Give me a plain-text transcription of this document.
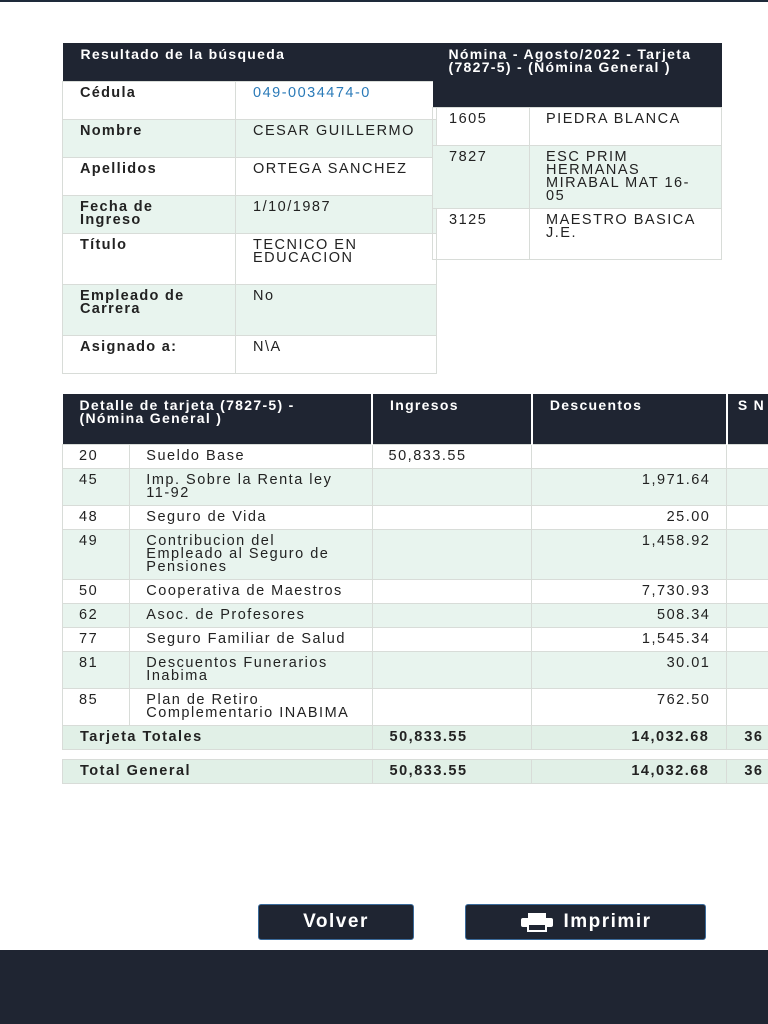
Resultado de la búsqueda	
Cédula	049-0034474-0
Nombre	CESAR GUILLERMO
Apellidos	ORTEGA SANCHEZ
Fecha de Ingreso	1/10/1987
Título	TECNICO EN EDUCACION
Empleado de Carrera	No
Asignado a:	N\A
Nómina - Agosto/2022 - Tarjeta (7827-5) - (Nómina General )	
1605	PIEDRA BLANCA
7827	ESC PRIM HERMANAS MIRABAL MAT 16-05
3125	MAESTRO BASICA J.E.
Detalle de tarjeta (7827-5) - (Nómina General )		Ingresos	Descuentos	S N
20	Sueldo Base	50,833.55		
45	Imp. Sobre la Renta ley 11-92		1,971.64	
48	Seguro de Vida		25.00	
49	Contribucion del Empleado al Seguro de Pensiones		1,458.92	
50	Cooperativa de Maestros		7,730.93	
62	Asoc. de Profesores		508.34	
77	Seguro Familiar de Salud		1,545.34	
81	Descuentos Funerarios Inabima		30.01	
85	Plan de Retiro Complementario INABIMA		762.50	
Tarjeta Totales		50,833.55	14,032.68	36

Total General		50,833.55	14,032.68	36
Volver	Imprimir
